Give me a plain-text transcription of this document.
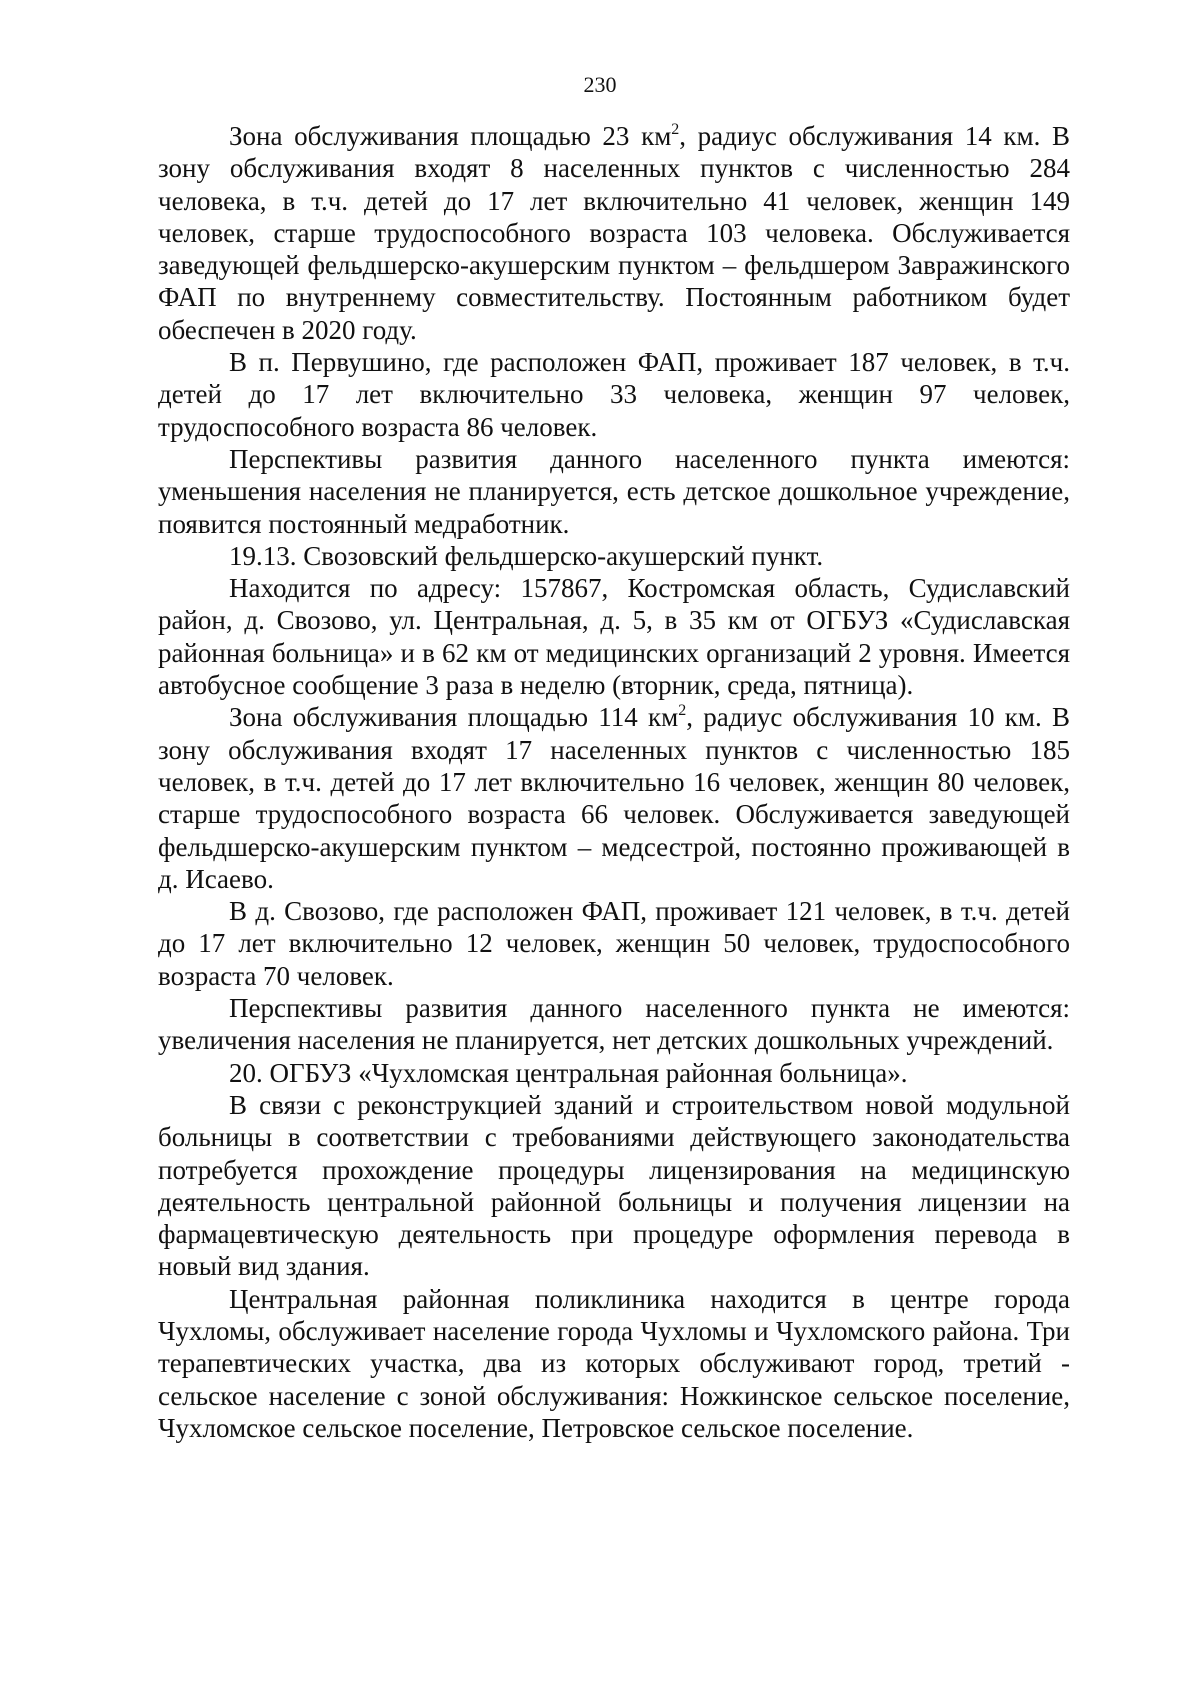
230

Зона обслуживания площадью 23 $км^2$, радиус обслуживания 14 км. В зону обслуживания входят 8 населенных пунктов с численностью 284 человека, в т.ч. детей до 17 лет включительно 41 человек, женщин 149 человек, старше трудоспособного возраста 103 человека. Обслуживается заведующей фельдшерско-акушерским пунктом – фельдшером Завражинского ФАП по внутреннему совместительству. Постоянным работником будет обеспечен в 2020 году.

В п. Первушино, где расположен ФАП, проживает 187 человек, в т.ч. детей до 17 лет включительно 33 человека, женщин 97 человек, трудоспособного возраста 86 человек.

Перспективы развития данного населенного пункта имеются: уменьшения населения не планируется, есть детское дошкольное учреждение, появится постоянный медработник.

19.13. Свозовский фельдшерско-акушерский пункт.

Находится по адресу: 157867, Костромская область, Судиславский район, д. Свозово, ул. Центральная, д. 5, в 35 км от ОГБУЗ «Судиславская районная больница» и в 62 км от медицинских организаций 2 уровня. Имеется автобусное сообщение 3 раза в неделю (вторник, среда, пятница).

Зона обслуживания площадью 114 $км^2$, радиус обслуживания 10 км. В зону обслуживания входят 17 населенных пунктов с численностью 185 человек, в т.ч. детей до 17 лет включительно 16 человек, женщин 80 человек, старше трудоспособного возраста 66 человек. Обслуживается заведующей фельдшерско-акушерским пунктом – медсестрой, постоянно проживающей в д. Исаево.

В д. Свозово, где расположен ФАП, проживает 121 человек, в т.ч. детей до 17 лет включительно 12 человек, женщин 50 человек, трудоспособного возраста 70 человек.

Перспективы развития данного населенного пункта не имеются: увеличения населения не планируется, нет детских дошкольных учреждений.

20. ОГБУЗ «Чухломская центральная районная больница».

В связи с реконструкцией зданий и строительством новой модульной больницы в соответствии с требованиями действующего законодательства потребуется прохождение процедуры лицензирования на медицинскую деятельность центральной районной больницы и получения лицензии на фармацевтическую деятельность при процедуре оформления перевода в новый вид здания.

Центральная районная поликлиника находится в центре города Чухломы, обслуживает население города Чухломы и Чухломского района. Три терапевтических участка, два из которых обслуживают город, третий - сельское население с зоной обслуживания: Ножкинское сельское поселение, Чухломское сельское поселение, Петровское сельское поселение.
